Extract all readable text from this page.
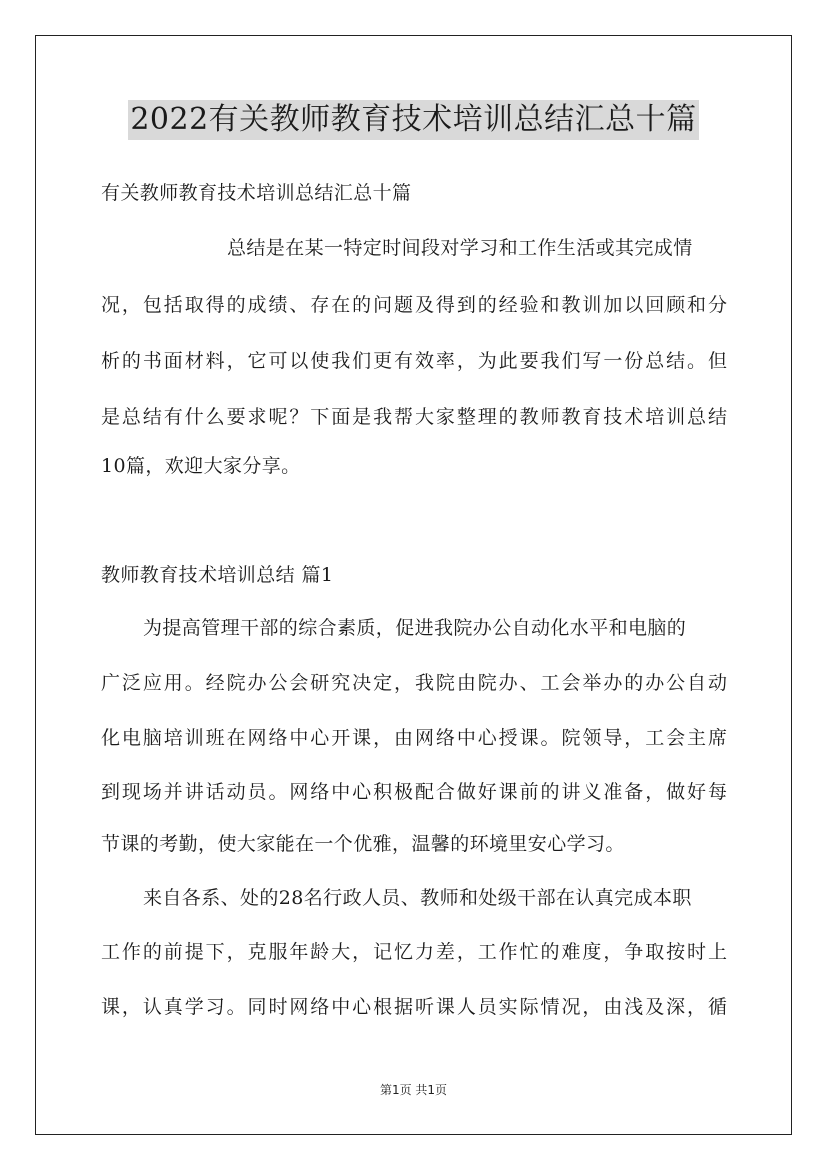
2022有关教师教育技术培训总结汇总十篇
有关教师教育技术培训总结汇总十篇
总结是在某一特定时间段对学习和工作生活或其完成情
况，包括取得的成绩、存在的问题及得到的经验和教训加以回顾和分
析的书面材料，它可以使我们更有效率，为此要我们写一份总结。但
是总结有什么要求呢？下面是我帮大家整理的教师教育技术培训总结
10篇，欢迎大家分享。
教师教育技术培训总结 篇1
为提高管理干部的综合素质，促进我院办公自动化水平和电脑的
广泛应用。经院办公会研究决定，我院由院办、工会举办的办公自动
化电脑培训班在网络中心开课，由网络中心授课。院领导，工会主席
到现场并讲话动员。网络中心积极配合做好课前的讲义准备，做好每
节课的考勤，使大家能在一个优雅，温馨的环境里安心学习。
来自各系、处的28名行政人员、教师和处级干部在认真完成本职
工作的前提下，克服年龄大，记忆力差，工作忙的难度，争取按时上
课，认真学习。同时网络中心根据听课人员实际情况，由浅及深，循
第1页 共1页
